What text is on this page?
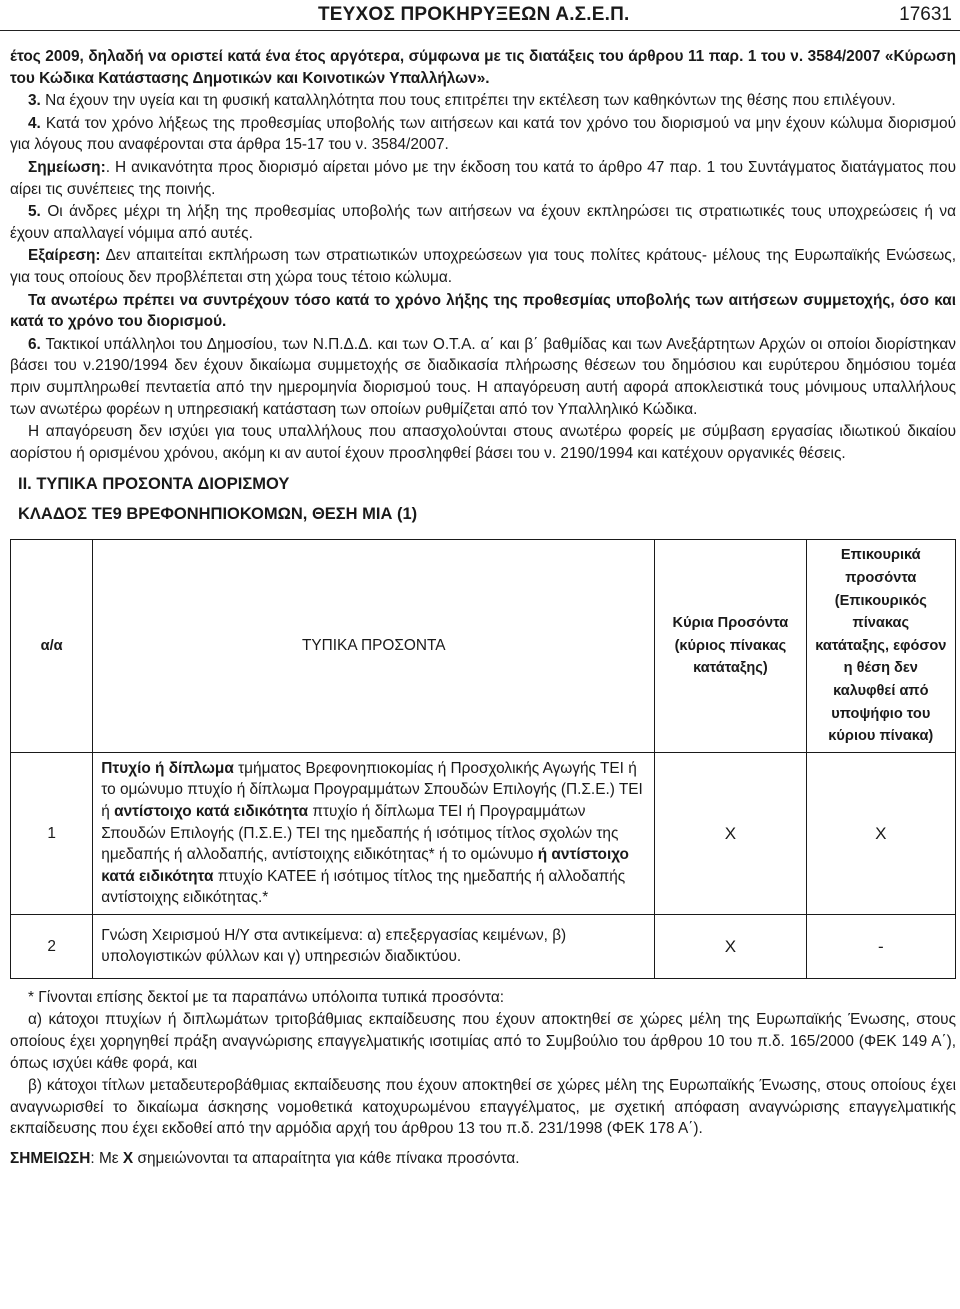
ΤΕΥΧΟΣ ΠΡΟΚΗΡΥΞΕΩΝ Α.Σ.Ε.Π.	17631

έτος 2009, δηλαδή να οριστεί κατά ένα έτος αργότερα, σύμφωνα με τις διατάξεις του άρθρου 11 παρ. 1 του ν. 3584/2007 «Κύρωση του Κώδικα Κατάστασης Δημοτικών και Κοινοτικών Υπαλλήλων».

3. Να έχουν την υγεία και τη φυσική καταλληλότητα που τους επιτρέπει την εκτέλεση των καθηκόντων της θέσης που επιλέγουν.

4. Κατά τον χρόνο λήξεως της προθεσμίας υποβολής των αιτήσεων και κατά τον χρόνο του διορισμού να μην έχουν κώλυμα διορισμού για λόγους που αναφέρονται στα άρθρα 15-17 του ν. 3584/2007.

Σημείωση:. Η ανικανότητα προς διορισμό αίρεται μόνο με την έκδοση του κατά το άρθρο 47 παρ. 1 του Συντάγματος διατάγματος που αίρει τις συνέπειες της ποινής.

5. Οι άνδρες μέχρι τη λήξη της προθεσμίας υποβολής των αιτήσεων να έχουν εκπληρώσει τις στρατιωτικές τους υποχρεώσεις ή να έχουν απαλλαγεί νόμιμα από αυτές.

Εξαίρεση: Δεν απαιτείται εκπλήρωση των στρατιωτικών υποχρεώσεων για τους πολίτες κράτους- μέλους της Ευρωπαϊκής Ενώσεως, για τους οποίους δεν προβλέπεται στη χώρα τους τέτοιο κώλυμα.

Τα ανωτέρω πρέπει να συντρέχουν τόσο κατά το χρόνο λήξης της προθεσμίας υποβολής των αιτήσεων συμμετοχής, όσο και κατά το χρόνο του διορισμού.

6. Τακτικοί υπάλληλοι του Δημοσίου, των Ν.Π.Δ.Δ. και των Ο.Τ.Α. α΄ και β΄ βαθμίδας και των Ανεξάρτητων Αρχών οι οποίοι διορίστηκαν βάσει του ν.2190/1994 δεν έχουν δικαίωμα συμμετοχής σε διαδικασία πλήρωσης θέσεων του δημόσιου και ευρύτερου δημόσιου τομέα πριν συμπληρωθεί πενταετία από την ημερομηνία διορισμού τους. Η απαγόρευση αυτή αφορά αποκλειστικά τους μόνιμους υπαλλήλους των ανωτέρω φορέων η υπηρεσιακή κατάσταση των οποίων ρυθμίζεται από τον Υπαλληλικό Κώδικα.

Η απαγόρευση δεν ισχύει για τους υπαλλήλους που απασχολούνται στους ανωτέρω φορείς με σύμβαση εργασίας ιδιωτικού δικαίου αορίστου ή ορισμένου χρόνου, ακόμη κι αν αυτοί έχουν προσληφθεί βάσει του ν. 2190/1994 και κατέχουν οργανικές θέσεις.

ΙΙ. ΤΥΠΙΚΑ ΠΡΟΣΟΝΤΑ ΔΙΟΡΙΣΜΟΥ
ΚΛΑΔΟΣ ΤΕ9 ΒΡΕΦΟΝΗΠΙΟΚΟΜΩΝ, ΘΕΣΗ ΜΙΑ (1)
α/α	ΤΥΠΙΚΑ ΠΡΟΣΟΝΤΑ	Κύρια Προσόντα (κύριος πίνακας κατάταξης)	Επικουρικά προσόντα (Επικουρικός πίνακας κατάταξης, εφόσον η θέση δεν καλυφθεί από υποψήφιο του κύριου πίνακα)
1	Πτυχίο ή δίπλωμα τμήματος Βρεφονηπιοκομίας ή Προσχολικής Αγωγής ΤΕΙ ή το ομώνυμο πτυχίο ή δίπλωμα Προγραμμάτων Σπουδών Επιλογής (Π.Σ.Ε.) ΤΕΙ ή αντίστοιχο κατά ειδικότητα πτυχίο ή δίπλωμα ΤΕΙ ή Προγραμμάτων Σπουδών Επιλογής (Π.Σ.Ε.) ΤΕΙ της ημεδαπής ή ισότιμος τίτλος σχολών της ημεδαπής ή αλλοδαπής, αντίστοιχης ειδικότητας* ή το ομώνυμο ή αντίστοιχο κατά ειδικότητα πτυχίο ΚΑΤΕΕ ή ισότιμος τίτλος της ημεδαπής ή αλλοδαπής αντίστοιχης ειδικότητας.*	Χ	Χ
2	Γνώση Χειρισμού Η/Υ στα αντικείμενα: α) επεξεργασίας κειμένων, β) υπολογιστικών φύλλων και γ) υπηρεσιών διαδικτύου.	Χ	-

* Γίνονται επίσης δεκτοί με τα παραπάνω υπόλοιπα τυπικά προσόντα:

α) κάτοχοι πτυχίων ή διπλωμάτων τριτοβάθμιας εκπαίδευσης που έχουν αποκτηθεί σε χώρες μέλη της Ευρωπαϊκής Ένωσης, στους οποίους έχει χορηγηθεί πράξη αναγνώρισης επαγγελματικής ισοτιμίας από το Συμβούλιο του άρθρου 10 του π.δ. 165/2000 (ΦΕΚ 149 Α΄), όπως ισχύει κάθε φορά, και

β) κάτοχοι τίτλων μεταδευτεροβάθμιας εκπαίδευσης που έχουν αποκτηθεί σε χώρες μέλη της Ευρωπαϊκής Ένωσης, στους οποίους έχει αναγνωρισθεί το δικαίωμα άσκησης νομοθετικά κατοχυρωμένου επαγγέλματος, με σχετική απόφαση αναγνώρισης επαγγελματικής εκπαίδευσης που έχει εκδοθεί από την αρμόδια αρχή του άρθρου 13 του π.δ. 231/1998 (ΦΕΚ 178 Α΄).

ΣΗΜΕΙΩΣΗ: Με Χ σημειώνονται τα απαραίτητα για κάθε πίνακα προσόντα.
